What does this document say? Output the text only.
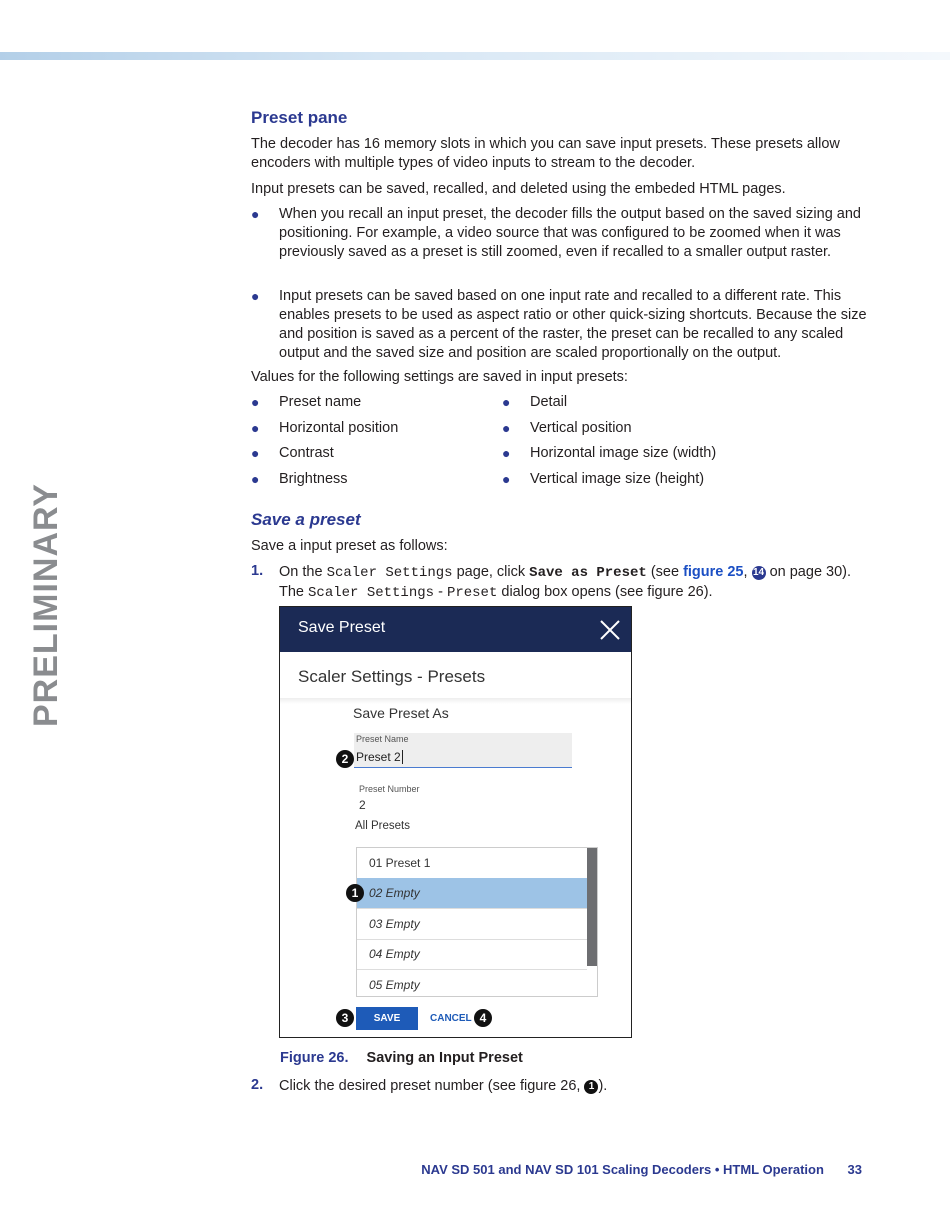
PRELIMINARY
Preset pane

The decoder has 16 memory slots in which you can save input presets. These presets allow encoders with multiple types of video inputs to stream to the decoder.

Input presets can be saved, recalled, and deleted using the embeded HTML pages.

● When you recall an input preset, the decoder fills the output based on the saved sizing and positioning. For example, a video source that was configured to be zoomed when it was previously saved as a preset is still zoomed, even if recalled to a smaller output raster.
● Input presets can be saved based on one input rate and recalled to a different rate. This enables presets to be used as aspect ratio or other quick-sizing shortcuts. Because the size and position is saved as a percent of the raster, the preset can be recalled to any scaled output and the saved size and position are scaled proportionally on the output.

Values for the following settings are saved in input presets:

● Preset name
● Horizontal position
● Contrast
● Brightness
● Detail
● Vertical position
● Horizontal image size (width)
● Vertical image size (height)
Save a preset

Save a input preset as follows:

1. On the Scaler Settings page, click Save as Preset (see figure 25, 14 on page 30).
The Scaler Settings - Preset dialog box opens (see figure 26).
Save Preset
Scaler Settings - Presets
Save Preset As
Preset Name
Preset 2
Preset Number
2
All Presets
01 Preset 1
02 Empty
03 Empty
04 Empty
05 Empty
SAVE	CANCEL
2
1
3	4
Figure 26. Saving an Input Preset
2. Click the desired preset number (see figure 26, 1 ).
NAV SD 501 and NAV SD 101 Scaling Decoders • HTML Operation 33
